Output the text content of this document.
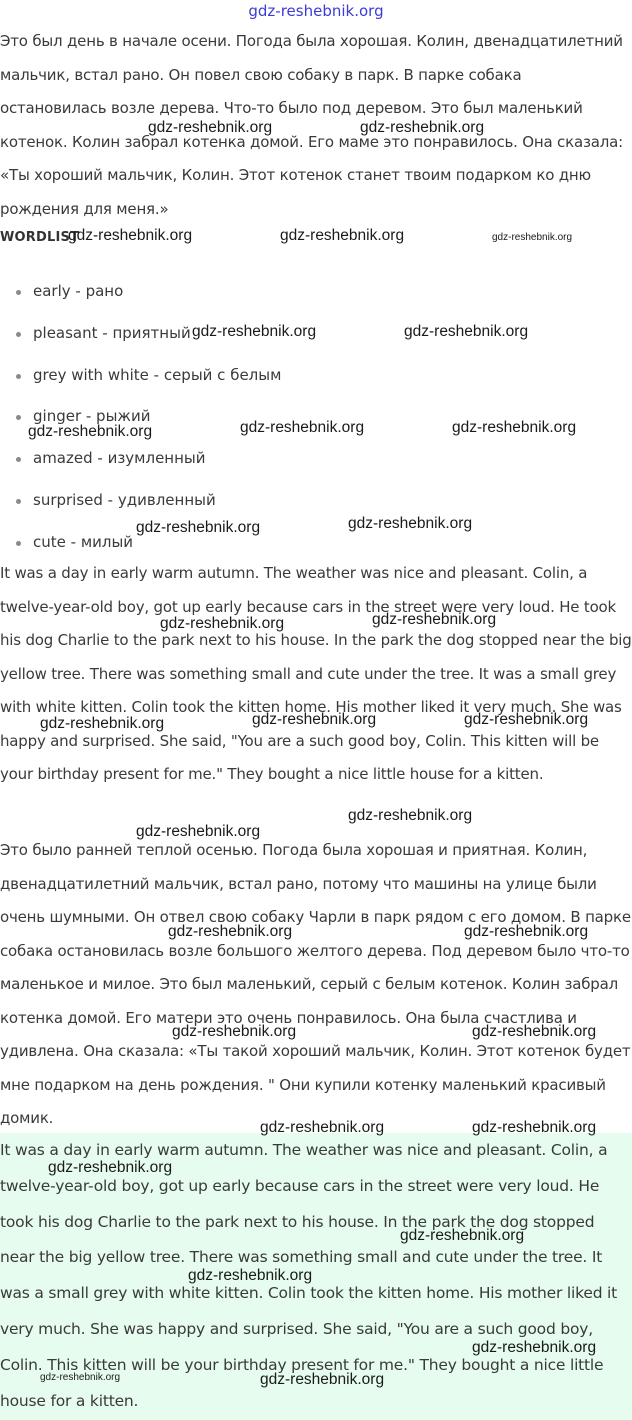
gdz-reshebnik.org

Это был день в начале осени. Погода была хорошая. Колин, двенадцатилетний мальчик, встал рано. Он повел свою собаку в парк. В парке собака остановилась возле дерева. Что-то было под деревом. Это был маленький котенок. Колин забрал котенка домой. Его маме это понравилось. Она сказала: «Ты хороший мальчик, Колин. Этот котенок станет твоим подарком ко дню рождения для меня.»

WORDLIST
early - рано
pleasant - приятный
grey with white - серый с белым
ginger - рыжий
amazed - изумленный
surprised - удивленный
cute - милый

It was a day in early warm autumn. The weather was nice and pleasant. Colin, a twelve-year-old boy, got up early because cars in the street were very loud. He took his dog Charlie to the park next to his house. In the park the dog stopped near the big yellow tree. There was something small and cute under the tree. It was a small grey with white kitten. Colin took the kitten home. His mother liked it very much. She was happy and surprised. She said, "You are a such good boy, Colin. This kitten will be your birthday present for me." They bought a nice little house for a kitten.

Это было ранней теплой осенью. Погода была хорошая и приятная. Колин, двенадцатилетний мальчик, встал рано, потому что машины на улице были очень шумными. Он отвел свою собаку Чарли в парк рядом с его домом. В парке собака остановилась возле большого желтого дерева. Под деревом было что-то маленькое и милое. Это был маленький, серый с белым котенок. Колин забрал котенка домой. Его матери это очень понравилось. Она была счастлива и удивлена. Она сказала: «Ты такой хороший мальчик, Колин. Этот котенок будет мне подарком на день рождения. " Они купили котенку маленький красивый домик.

It was a day in early warm autumn. The weather was nice and pleasant. Colin, a twelve-year-old boy, got up early because cars in the street were very loud. He took his dog Charlie to the park next to his house. In the park the dog stopped near the big yellow tree. There was something small and cute under the tree. It was a small grey with white kitten. Colin took the kitten home. His mother liked it very much. She was happy and surprised. She said, "You are a such good boy, Colin. This kitten will be your birthday present for me." They bought a nice little house for a kitten.

gdz-reshebnik.org	gdz-reshebnik.org
gdz-reshebnik.org	gdz-reshebnik.org	gdz-reshebnik.org
gdz-reshebnik.org	gdz-reshebnik.org
gdz-reshebnik.org	gdz-reshebnik.org	gdz-reshebnik.org
gdz-reshebnik.org	gdz-reshebnik.org
gdz-reshebnik.org	gdz-reshebnik.org
gdz-reshebnik.org	gdz-reshebnik.org	gdz-reshebnik.org
gdz-reshebnik.org
gdz-reshebnik.org
gdz-reshebnik.org	gdz-reshebnik.org
gdz-reshebnik.org	gdz-reshebnik.org
gdz-reshebnik.org	gdz-reshebnik.org
gdz-reshebnik.org
gdz-reshebnik.org
gdz-reshebnik.org
gdz-reshebnik.org
gdz-reshebnik.org	gdz-reshebnik.org
